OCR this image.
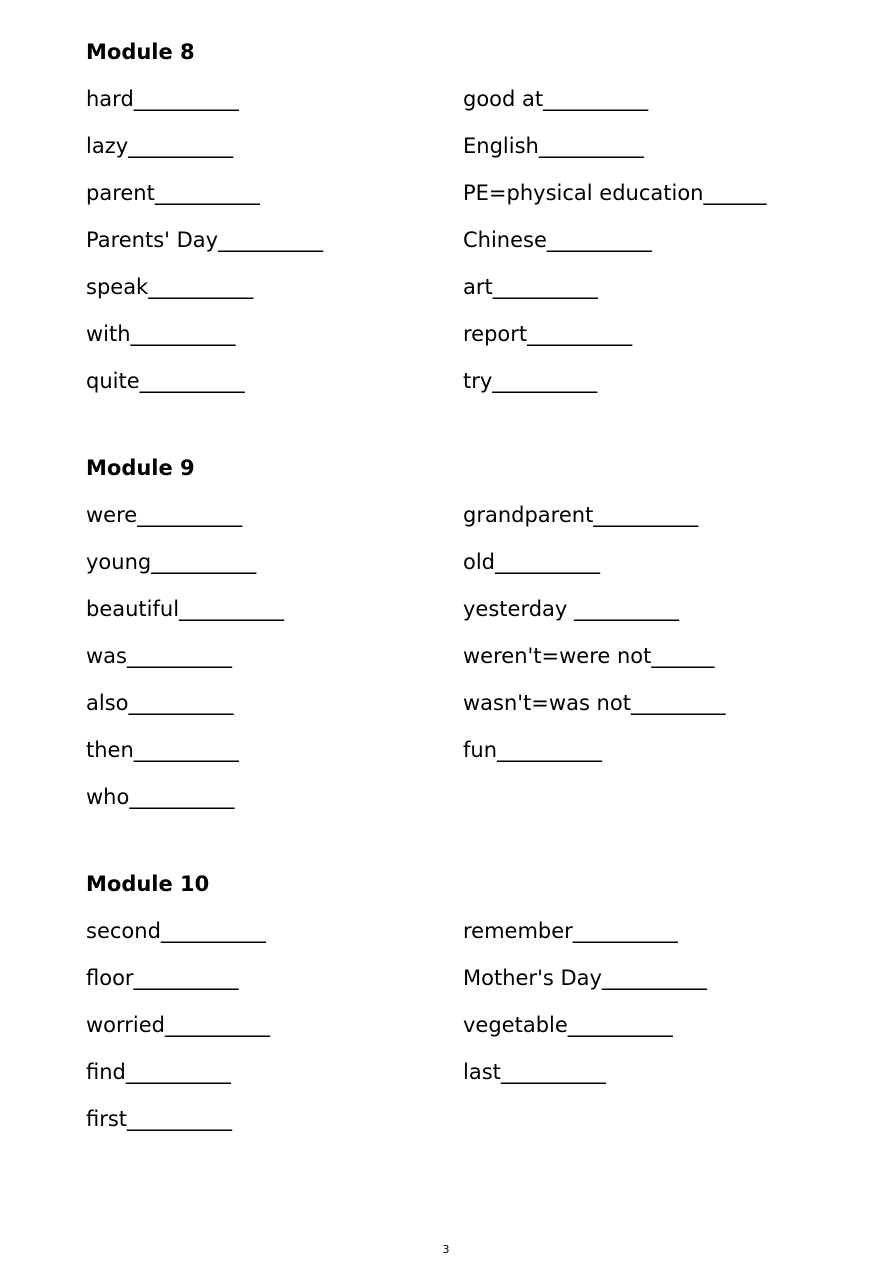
Module 8
hard__________	good at__________
lazy__________	English__________
parent__________	PE=physical education______
Parents' Day__________	Chinese__________
speak__________	art__________
with__________	report__________
quite__________	try__________
Module 9
were__________	grandparent__________
young__________	old__________
beautiful__________	yesterday __________
was__________	weren't=were not______
also__________	wasn't=was not_________
then__________	fun__________
who__________
Module 10
second__________	remember__________
floor__________	Mother's Day__________
worried__________	vegetable__________
find__________	last__________
first__________
3
